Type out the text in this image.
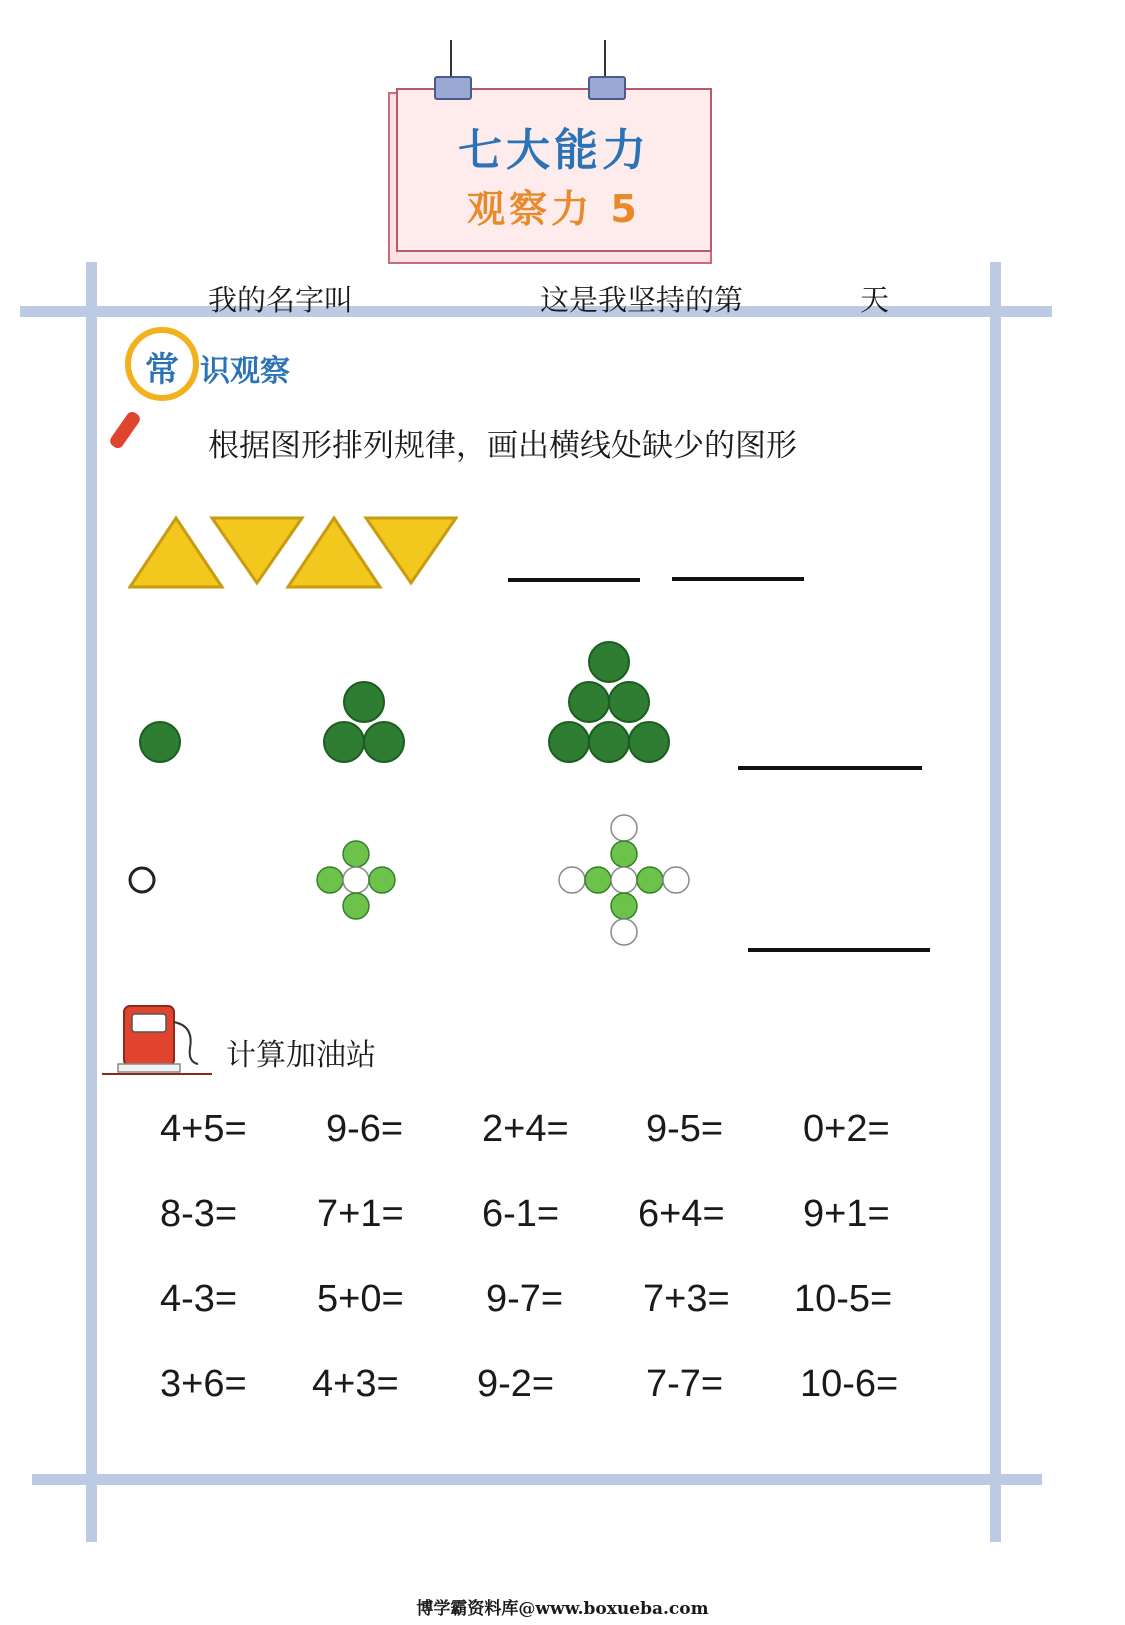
七大能力
观察力 5
我的名字叫	这是我坚持的第	天
常 识观察
根据图形排列规律，画出横线处缺少的图形
计算加油站
4+5= 9-6= 2+4= 9-5= 0+2=
8-3= 7+1= 6-1= 6+4= 9+1=
4-3= 5+0= 9-7= 7+3= 10-5=
3+6= 4+3= 9-2= 7-7= 10-6=
博学霸资料库@www.boxueba.com
